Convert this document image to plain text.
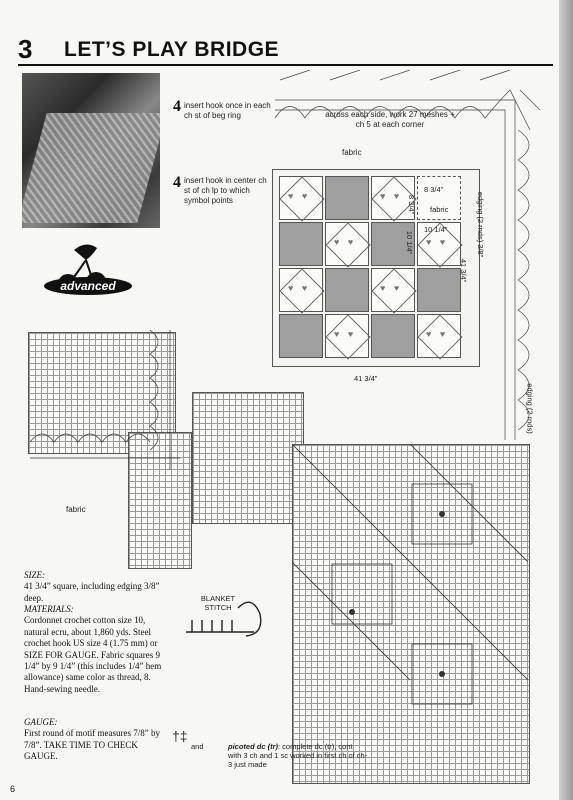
3 LET’S PLAY BRIDGE
advanced
4 insert hook once in each ch st of beg ring
4 insert hook in center ch st of ch lp to which symbol points
across each side, work 27 meshes + ch 5 at each corner
fabric
♥ ♥
♥ ♥
♥ ♥
♥ ♥
♥ ♥
♥ ♥
♥ ♥
♥ ♥
8 3/4”
fabric
10 1/4”
8 3/4”
10 1/4”
41 3/4”
41 3/4”
edging (2 rnds) 3/8”
edging (2 rnds)
fabric
BLANKET STITCH
SIZE:
41 3/4” square, including edging 3/8” deep.
MATERIALS:
Cordonnet crochet cotton size 10, natural ecru, about 1,860 yds. Steel crochet hook US size 4 (1.75 mm) or SIZE FOR GAUGE. Fabric squares 9 1/4” by 9 1/4” (this includes 1/4” hem allowance) same color as thread, 8. Hand-sewing needle.
GAUGE:
First round of motif measures 7/8” by 7/8”. TAKE TIME TO CHECK GAUGE.
†‡
and	picoted dc (tr): complete dc (tr), cont with 3 ch and 1 sc worked in first ch of ch-3 just made
6
